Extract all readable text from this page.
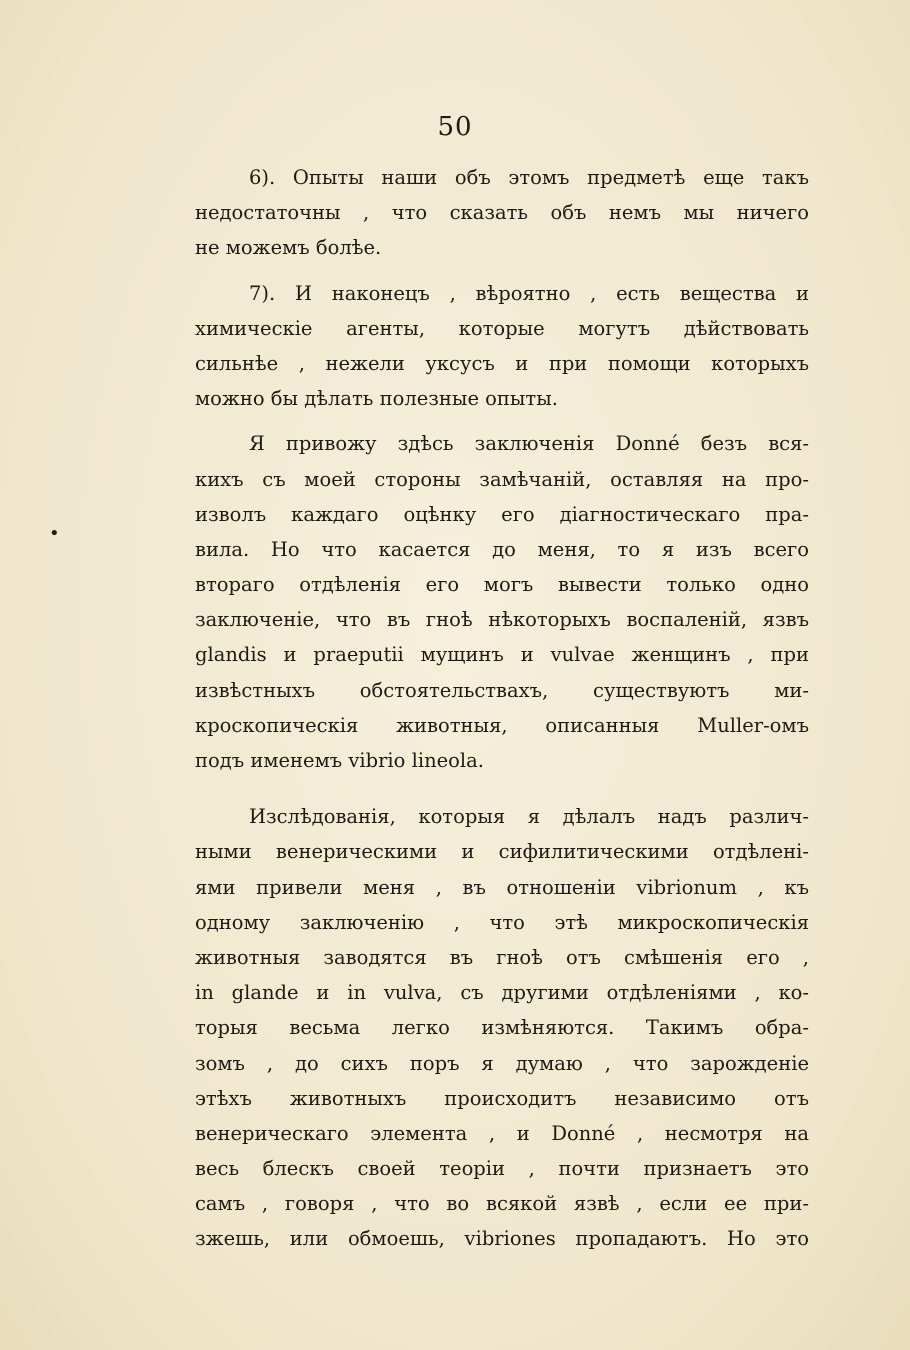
50
•
6). Опыты наши объ этомъ предметѣ еще такъ
недостаточны , что сказать объ немъ мы ничего
не можемъ болѣе.
7). И наконецъ , вѣроятно , есть вещества и
химическіе агенты, которые могутъ дѣйствовать
сильнѣе , нежели уксусъ и при помощи которыхъ
можно бы дѣлать полезные опыты.
Я привожу здѣсь заключенія Donné безъ вся-
кихъ съ моей стороны замѣчаній, оставляя на про-
изволъ каждаго оцѣнку его діагностическаго пра-
вила. Но что касается до меня, то я изъ всего
втораго отдѣленія его могъ вывести только одно
заключеніе, что въ гноѣ нѣкоторыхъ воспаленій, язвъ
glandis и praeputii мущинъ и vulvae женщинъ , при
извѣстныхъ обстоятельствахъ, существуютъ ми-
кроскопическія животныя, описанныя Muller-омъ
подъ именемъ vibrio lineola.
Изслѣдованія, которыя я дѣлалъ надъ различ-
ными венерическими и сифилитическими отдѣлені-
ями привели меня , въ отношеніи vibrionum , къ
одному заключенію , что этѣ микроскопическія
животныя заводятся въ гноѣ отъ смѣшенія его ,
in glande и in vulva, съ другими отдѣленіями , ко-
торыя весьма легко измѣняются. Такимъ обра-
зомъ , до сихъ поръ я думаю , что зарожденіе
этѣхъ животныхъ происходитъ независимо отъ
венерическаго элемента , и Donné , несмотря на
весь блескъ своей теоріи , почти признаетъ это
самъ , говоря , что во всякой язвѣ , если ее при-
зжешь, или обмоешь, vibriones пропадаютъ. Но это
